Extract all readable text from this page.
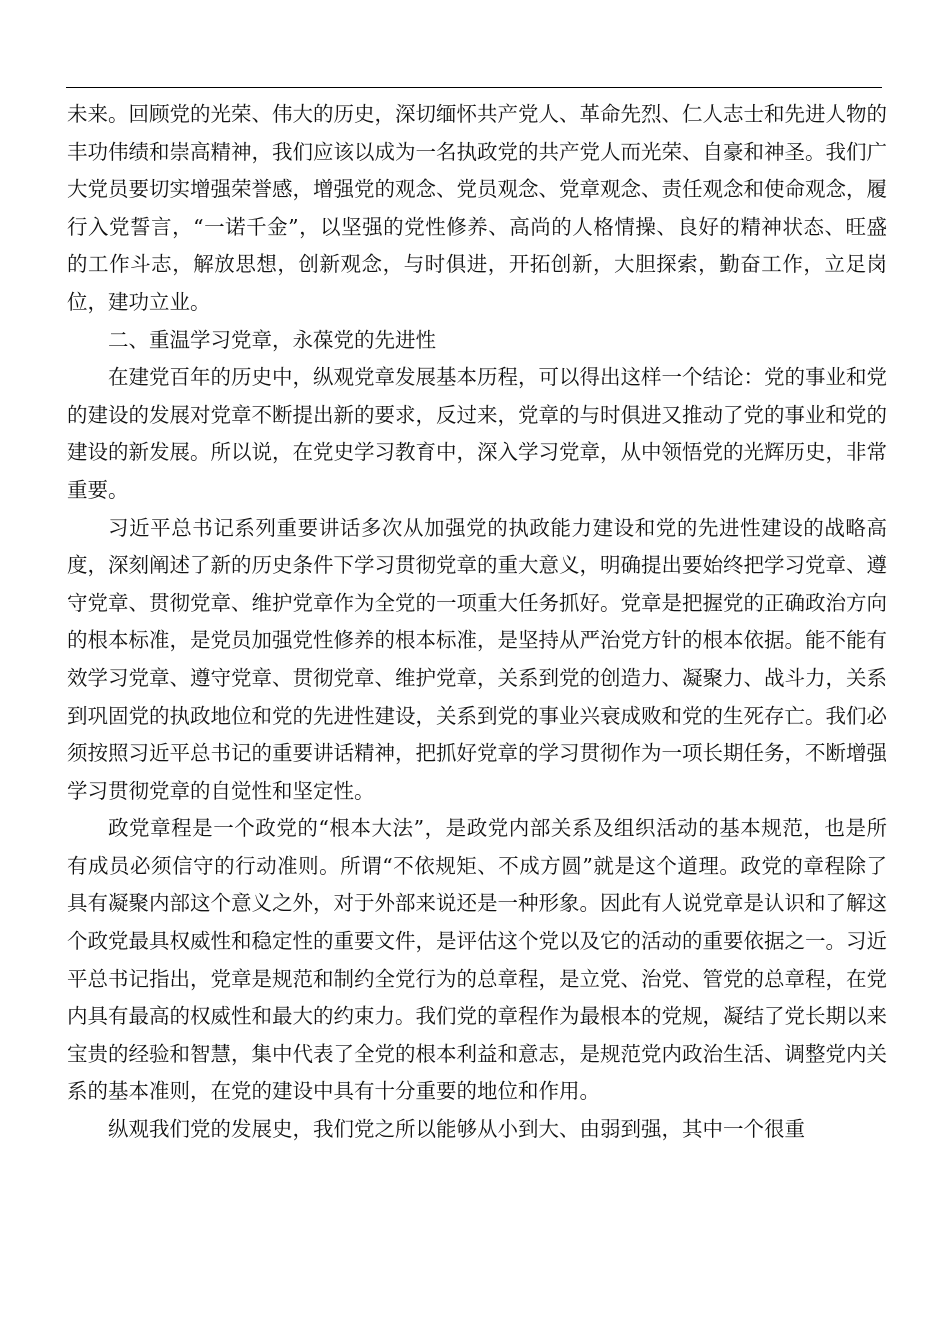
未来。回顾党的光荣、伟大的历史，深切缅怀共产党人、革命先烈、仁人志士和先进人物的丰功伟绩和崇高精神，我们应该以成为一名执政党的共产党人而光荣、自豪和神圣。我们广大党员要切实增强荣誉感，增强党的观念、党员观念、党章观念、责任观念和使命观念，履行入党誓言，“一诺千金”，以坚强的党性修养、高尚的人格情操、良好的精神状态、旺盛的工作斗志，解放思想，创新观念，与时俱进，开拓创新，大胆探索，勤奋工作，立足岗位，建功立业。

二、重温学习党章，永葆党的先进性

在建党百年的历史中，纵观党章发展基本历程，可以得出这样一个结论：党的事业和党的建设的发展对党章不断提出新的要求，反过来，党章的与时俱进又推动了党的事业和党的建设的新发展。所以说，在党史学习教育中，深入学习党章，从中领悟党的光辉历史，非常重要。

习近平总书记系列重要讲话多次从加强党的执政能力建设和党的先进性建设的战略高度，深刻阐述了新的历史条件下学习贯彻党章的重大意义，明确提出要始终把学习党章、遵守党章、贯彻党章、维护党章作为全党的一项重大任务抓好。党章是把握党的正确政治方向的根本标准，是党员加强党性修养的根本标准，是坚持从严治党方针的根本依据。能不能有效学习党章、遵守党章、贯彻党章、维护党章，关系到党的创造力、凝聚力、战斗力，关系到巩固党的执政地位和党的先进性建设，关系到党的事业兴衰成败和党的生死存亡。我们必须按照习近平总书记的重要讲话精神，把抓好党章的学习贯彻作为一项长期任务，不断增强学习贯彻党章的自觉性和坚定性。

政党章程是一个政党的“根本大法”，是政党内部关系及组织活动的基本规范，也是所有成员必须信守的行动准则。所谓“不依规矩、不成方圆”就是这个道理。政党的章程除了具有凝聚内部这个意义之外，对于外部来说还是一种形象。因此有人说党章是认识和了解这个政党最具权威性和稳定性的重要文件，是评估这个党以及它的活动的重要依据之一。习近平总书记指出，党章是规范和制约全党行为的总章程，是立党、治党、管党的总章程，在党内具有最高的权威性和最大的约束力。我们党的章程作为最根本的党规，凝结了党长期以来宝贵的经验和智慧，集中代表了全党的根本利益和意志，是规范党内政治生活、调整党内关系的基本准则，在党的建设中具有十分重要的地位和作用。

纵观我们党的发展史，我们党之所以能够从小到大、由弱到强，其中一个很重
